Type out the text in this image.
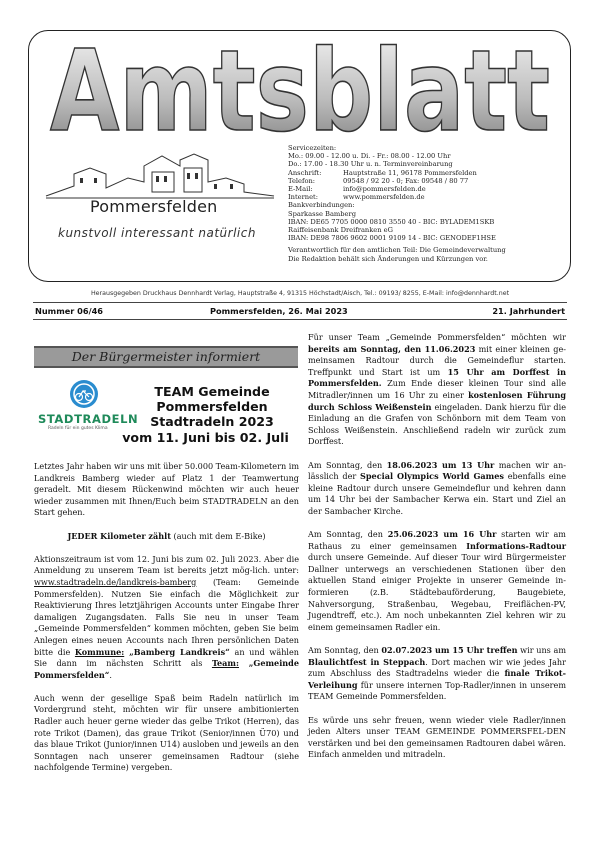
Amtsblatt
Pommersfelden
kunstvoll interessant natürlich
Servicezeiten:
Mo.: 09.00 - 12.00 u. Di. - Fr.: 08.00 - 12.00 Uhr
Do.: 17.00 - 18.30 Uhr u. n. Terminvereinbarung
Anschrift:	Hauptstraße 11, 96178 Pommersfelden
Telefon:	09548 / 92 20 - 0; Fax: 09548 / 80 77
E-Mail:	info@pommersfelden.de
Internet:	www.pommersfelden.de
Bankverbindungen:
Sparkasse Bamberg
IBAN: DE65 7705 0000 0810 3550 40 - BIC: BYLADEM1SKB
Raiffeisenbank Dreifranken eG
IBAN: DE98 7806 9602 0001 9109 14 - BIC: GENODEF1HSE
Verantwortlich für den amtlichen Teil: Die Gemeindeverwaltung
Die Redaktion behält sich Änderungen und Kürzungen vor.
Herausgegeben Druckhaus Dennhardt Verlag, Hauptstraße 4, 91315 Höchstadt/Aisch, Tel.: 09193/ 8255, E-Mail: info@dennhardt.net
Nummer 06/46	Pommersfelden, 26. Mai 2023	21. Jahrhundert
Der Bürgermeister informiert
STADTRADELN
Radeln für ein gutes Klima
TEAM Gemeinde
Pommersfelden
Stadtradeln 2023
vom 11. Juni bis 02. Juli

Letztes Jahr haben wir uns mit über 50.000 Team-Kilometern im Landkreis Bamberg wieder auf Platz 1 der Teamwertung geradelt. Mit diesem Rückenwind möchten wir auch heuer wieder zusammen mit Ihnen/Euch beim STADTRADELN an den Start gehen.

JEDER Kilometer zählt (auch mit dem E-Bike)

Aktionszeitraum ist vom 12. Juni bis zum 02. Juli 2023. Aber die Anmeldung zu unserem Team ist bereits jetzt mög-lich. unter: www.stadtradeln.de/landkreis-bamberg (Team: Gemeinde Pommersfelden). Nutzen Sie einfach die Möglichkeit zur Reaktivierung Ihres letztjährigen Accounts unter Eingabe Ihrer damaligen Zugangsdaten. Falls Sie neu in unser Team „Gemeinde Pommersfelden“ kommen möchten, geben Sie beim Anlegen eines neuen Accounts nach Ihren persönlichen Daten bitte die Kommune: „Bamberg Landkreis“ an und wählen Sie dann im nächsten Schritt als Team: „Gemeinde Pommersfelden“.

Auch wenn der gesellige Spaß beim Radeln natürlich im Vordergrund steht, möchten wir für unsere ambitionierten Radler auch heuer gerne wieder das gelbe Trikot (Herren), das rote Trikot (Damen), das graue Trikot (Senior/innen Ü70) und das blaue Trikot (Junior/innen U14) ausloben und jeweils an den Sonntagen nach unserer gemeinsamen Radtour (siehe nachfolgende Termine) vergeben.

Für unser Team „Gemeinde Pommersfelden“ möchten wir bereits am Sonntag, den 11.06.2023 mit einer kleinen ge-meinsamen Radtour durch die Gemeindeflur starten. Treffpunkt und Start ist um 15 Uhr am Dorffest in Pommersfelden. Zum Ende dieser kleinen Tour sind alle Mitradler/innen um 16 Uhr zu einer kostenlosen Führung durch Schloss Weißenstein eingeladen. Dank hierzu für die Einladung an die Grafen von Schönborn mit dem Team von Schloss Weißenstein. Anschließend radeln wir zurück zum Dorffest.

Am Sonntag, den 18.06.2023 um 13 Uhr machen wir an-lässlich der Special Olympics World Games ebenfalls eine kleine Radtour durch unsere Gemeindeflur und kehren dann um 14 Uhr bei der Sambacher Kerwa ein. Start und Ziel an der Sambacher Kirche.

Am Sonntag, den 25.06.2023 um 16 Uhr starten wir am Rathaus zu einer gemeinsamen Informations-Radtour durch unsere Gemeinde. Auf dieser Tour wird Bürgermeister Dallner unterwegs an verschiedenen Stationen über den aktuellen Stand einiger Projekte in unserer Gemeinde in-formieren (z.B. Städtebauförderung, Baugebiete, Nahversorgung, Straßenbau, Wegebau, Freiflächen-PV, Jugendtreff, etc.). Am noch unbekannten Ziel kehren wir zu einem gemeinsamen Radler ein.

Am Sonntag, den 02.07.2023 um 15 Uhr treffen wir uns am Blaulichtfest in Steppach. Dort machen wir wie jedes Jahr zum Abschluss des Stadtradelns wieder die finale Trikot-Verleihung für unsere internen Top-Radler/innen in unserem TEAM Gemeinde Pommersfelden.

Es würde uns sehr freuen, wenn wieder viele Radler/innen jeden Alters unser TEAM GEMEINDE POMMERSFEL-DEN verstärken und bei den gemeinsamen Radtouren dabei wären. Einfach anmelden und mitradeln.
